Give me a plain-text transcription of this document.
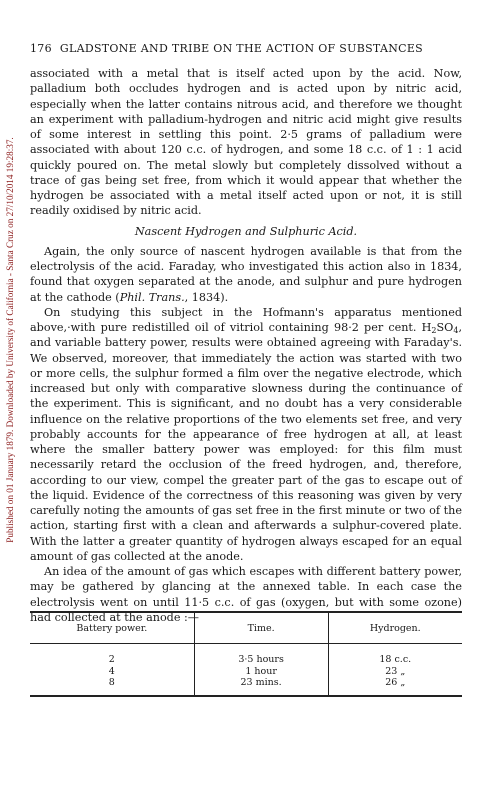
Published on 01 January 1879. Downloaded by University of California - Santa Cruz on 27/10/2014 19:28:37.
176 GLADSTONE AND TRIBE ON THE ACTION OF SUBSTANCES

associated with a metal that is itself acted upon by the acid. Now, palladium both occludes hydrogen and is acted upon by nitric acid, especially when the latter contains nitrous acid, and therefore we thought an experiment with palladium-hydrogen and nitric acid might give results of some interest in settling this point. 2·5 grams of palladium were associated with about 120 c.c. of hydrogen, and some 18 c.c. of 1 : 1 acid quickly poured on. The metal slowly but completely dissolved without a trace of gas being set free, from which it would appear that whether the hydrogen be associated with a metal itself acted upon or not, it is still readily oxidised by nitric acid.

Nascent Hydrogen and Sulphuric Acid.

Again, the only source of nascent hydrogen available is that from the electrolysis of the acid. Faraday, who investigated this action also in 1834, found that oxygen separated at the anode, and sulphur and pure hydrogen at the cathode (Phil. Trans., 1834).

On studying this subject in the Hofmann's apparatus mentioned above,·with pure redistilled oil of vitriol containing 98·2 per cent. $H_2SO_4$, and variable battery power, results were obtained agreeing with Faraday's. We observed, moreover, that immediately the action was started with two or more cells, the sulphur formed a film over the negative electrode, which increased but only with comparative slowness during the continuance of the experiment. This is significant, and no doubt has a very considerable influence on the relative proportions of the two elements set free, and very probably accounts for the appearance of free hydrogen at all, at least where the smaller battery power was employed: for this film must necessarily retard the occlusion of the freed hydrogen, and, therefore, according to our view, compel the greater part of the gas to escape out of the liquid. Evidence of the correctness of this reasoning was given by very carefully noting the amounts of gas set free in the first minute or two of the action, starting first with a clean and afterwards a sulphur-covered plate. With the latter a greater quantity of hydrogen always escaped for an equal amount of gas collected at the anode.

An idea of the amount of gas which escapes with different battery power, may be gathered by glancing at the annexed table. In each case the electrolysis went on until 11·5 c.c. of gas (oxygen, but with some ozone) had collected at the anode :—

Battery power.	Time.	Hydrogen.
2	3·5 hours	18 c.c.
4	1 hour	23 „
8	23 mins.	26 „
